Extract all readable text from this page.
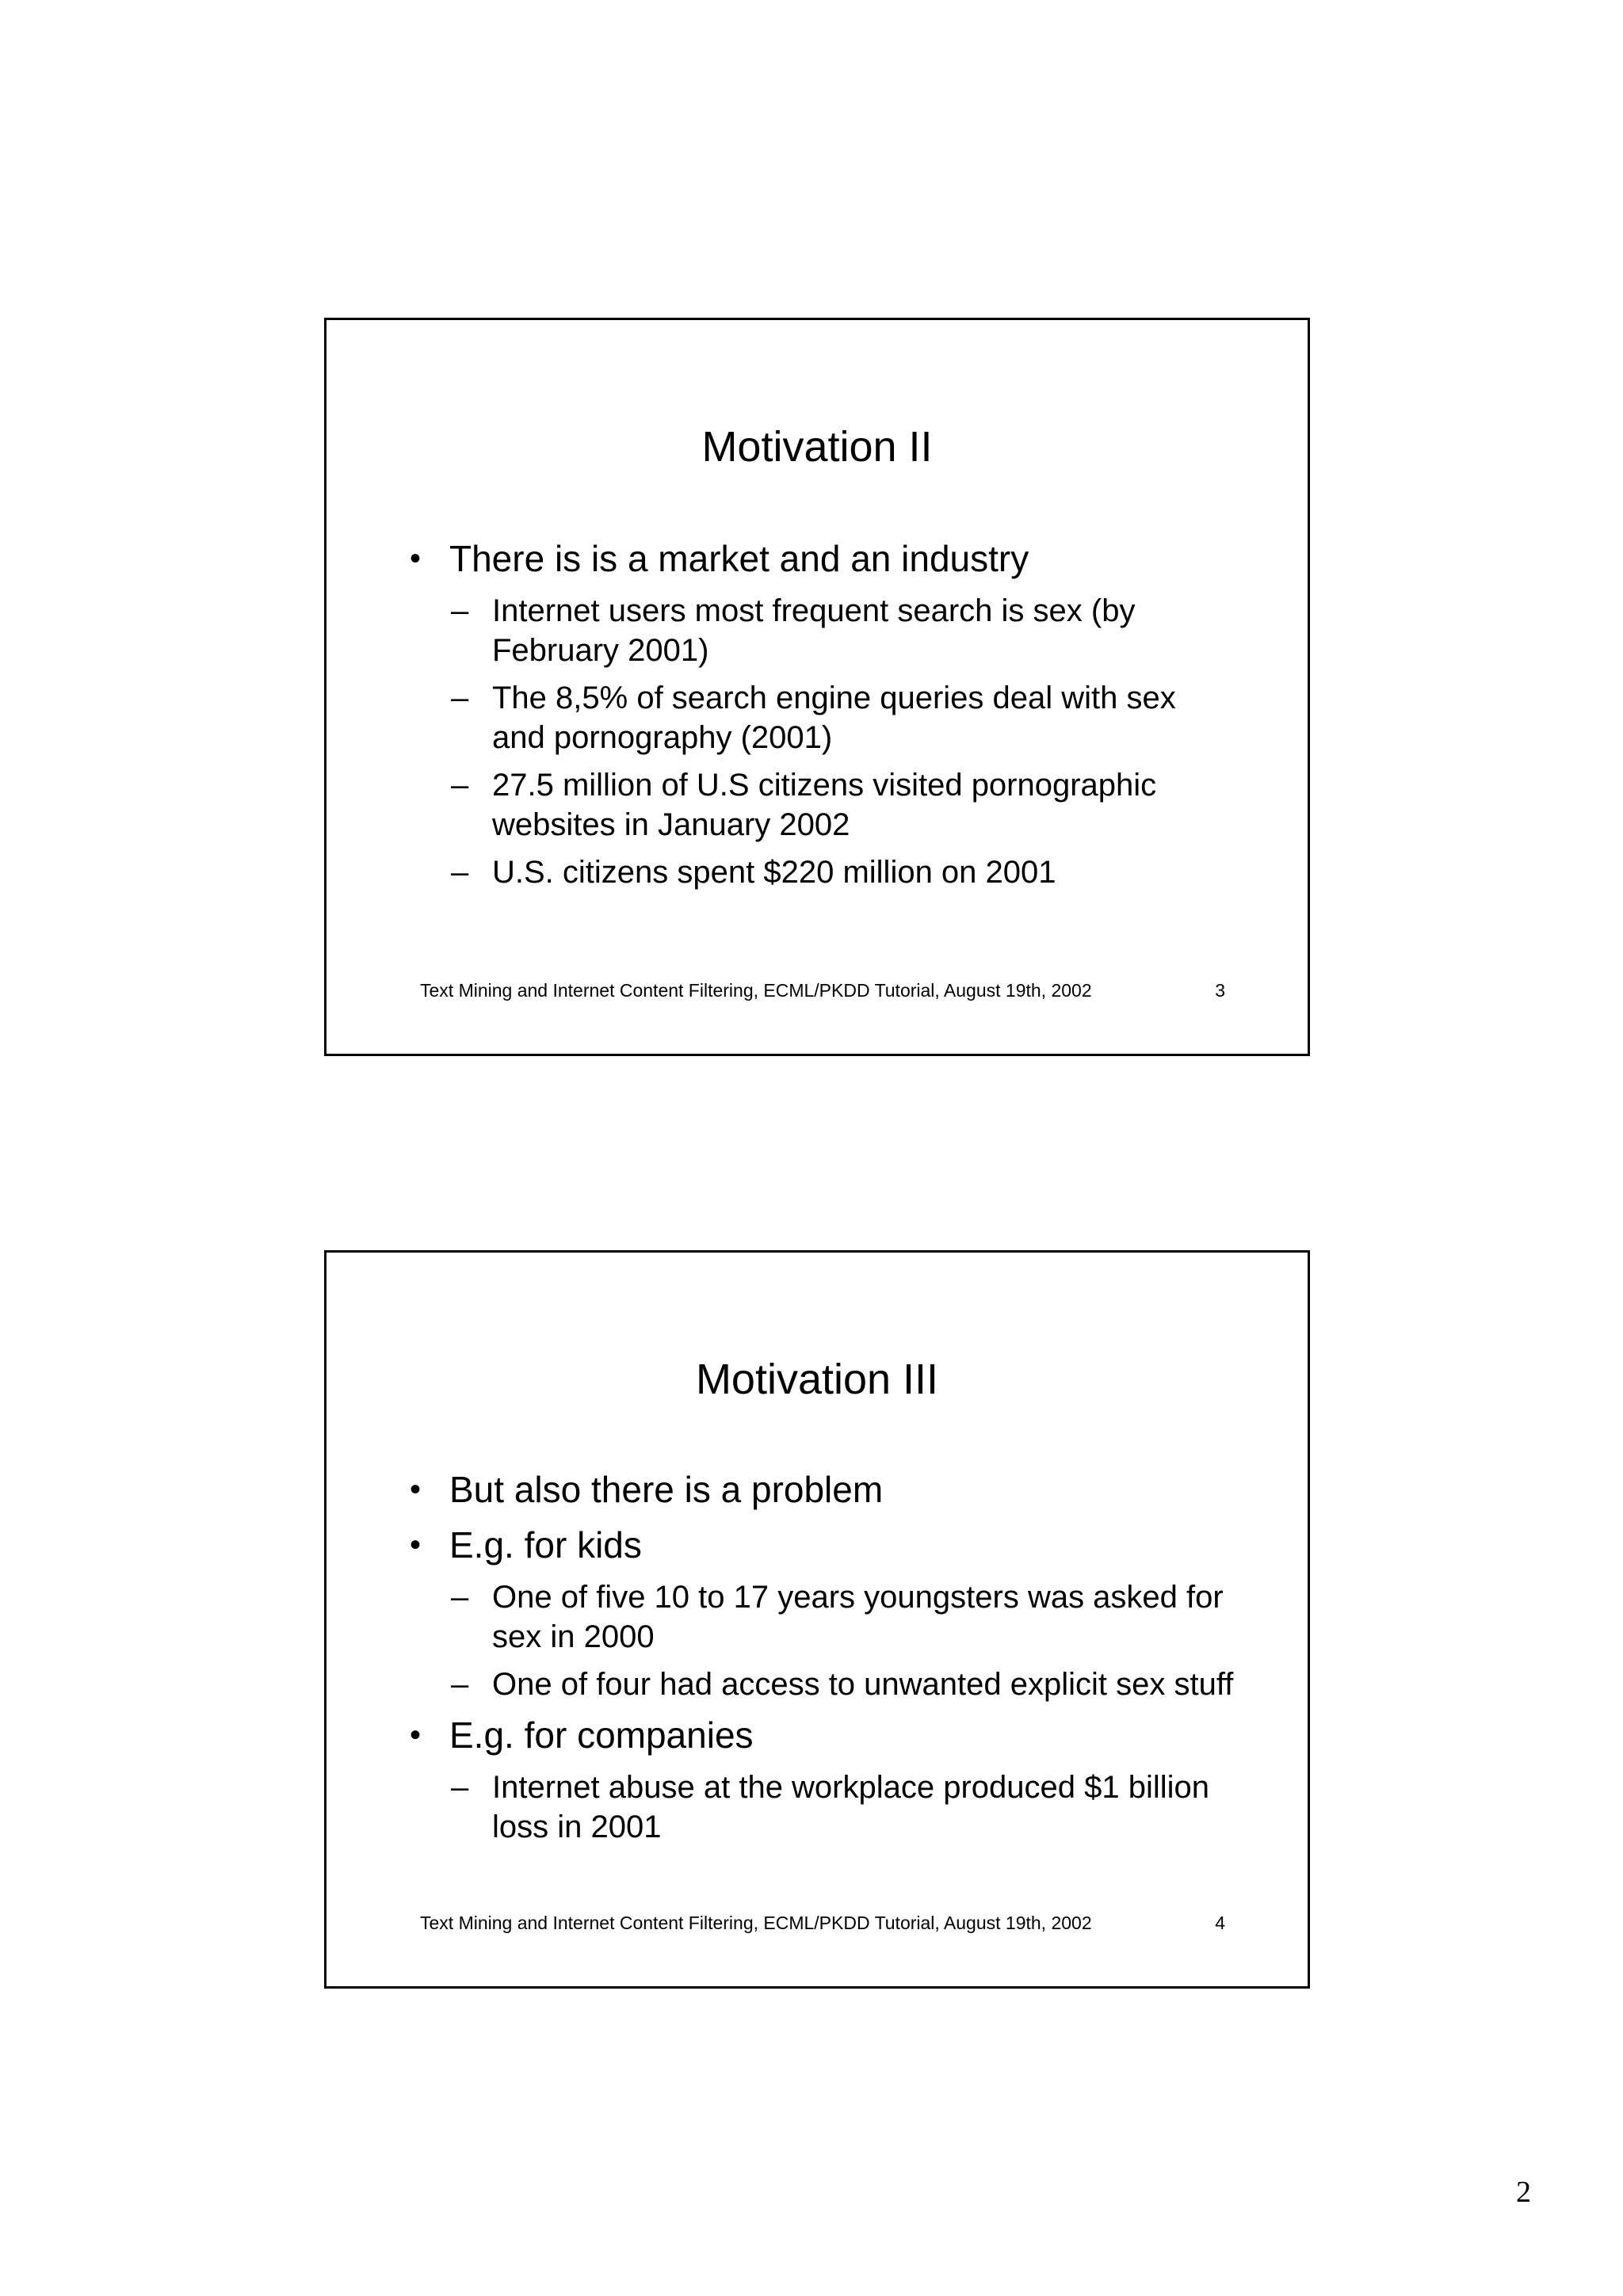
Motivation II
• There is is a market and an industry
– Internet users most frequent search is sex (by February 2001)
– The 8,5% of search engine queries deal with sex and pornography (2001)
– 27.5 million of U.S citizens visited pornographic websites in January 2002
– U.S. citizens spent $220 million on 2001
Text Mining and Internet Content Filtering, ECML/PKDD Tutorial, August 19th, 2002	3
Motivation III
• But also there is a problem
• E.g. for kids
– One of five 10 to 17 years youngsters was asked for sex in 2000
– One of four had access to unwanted explicit sex stuff
• E.g. for companies
– Internet abuse at the workplace produced $1 billion loss in 2001
Text Mining and Internet Content Filtering, ECML/PKDD Tutorial, August 19th, 2002	4
2
